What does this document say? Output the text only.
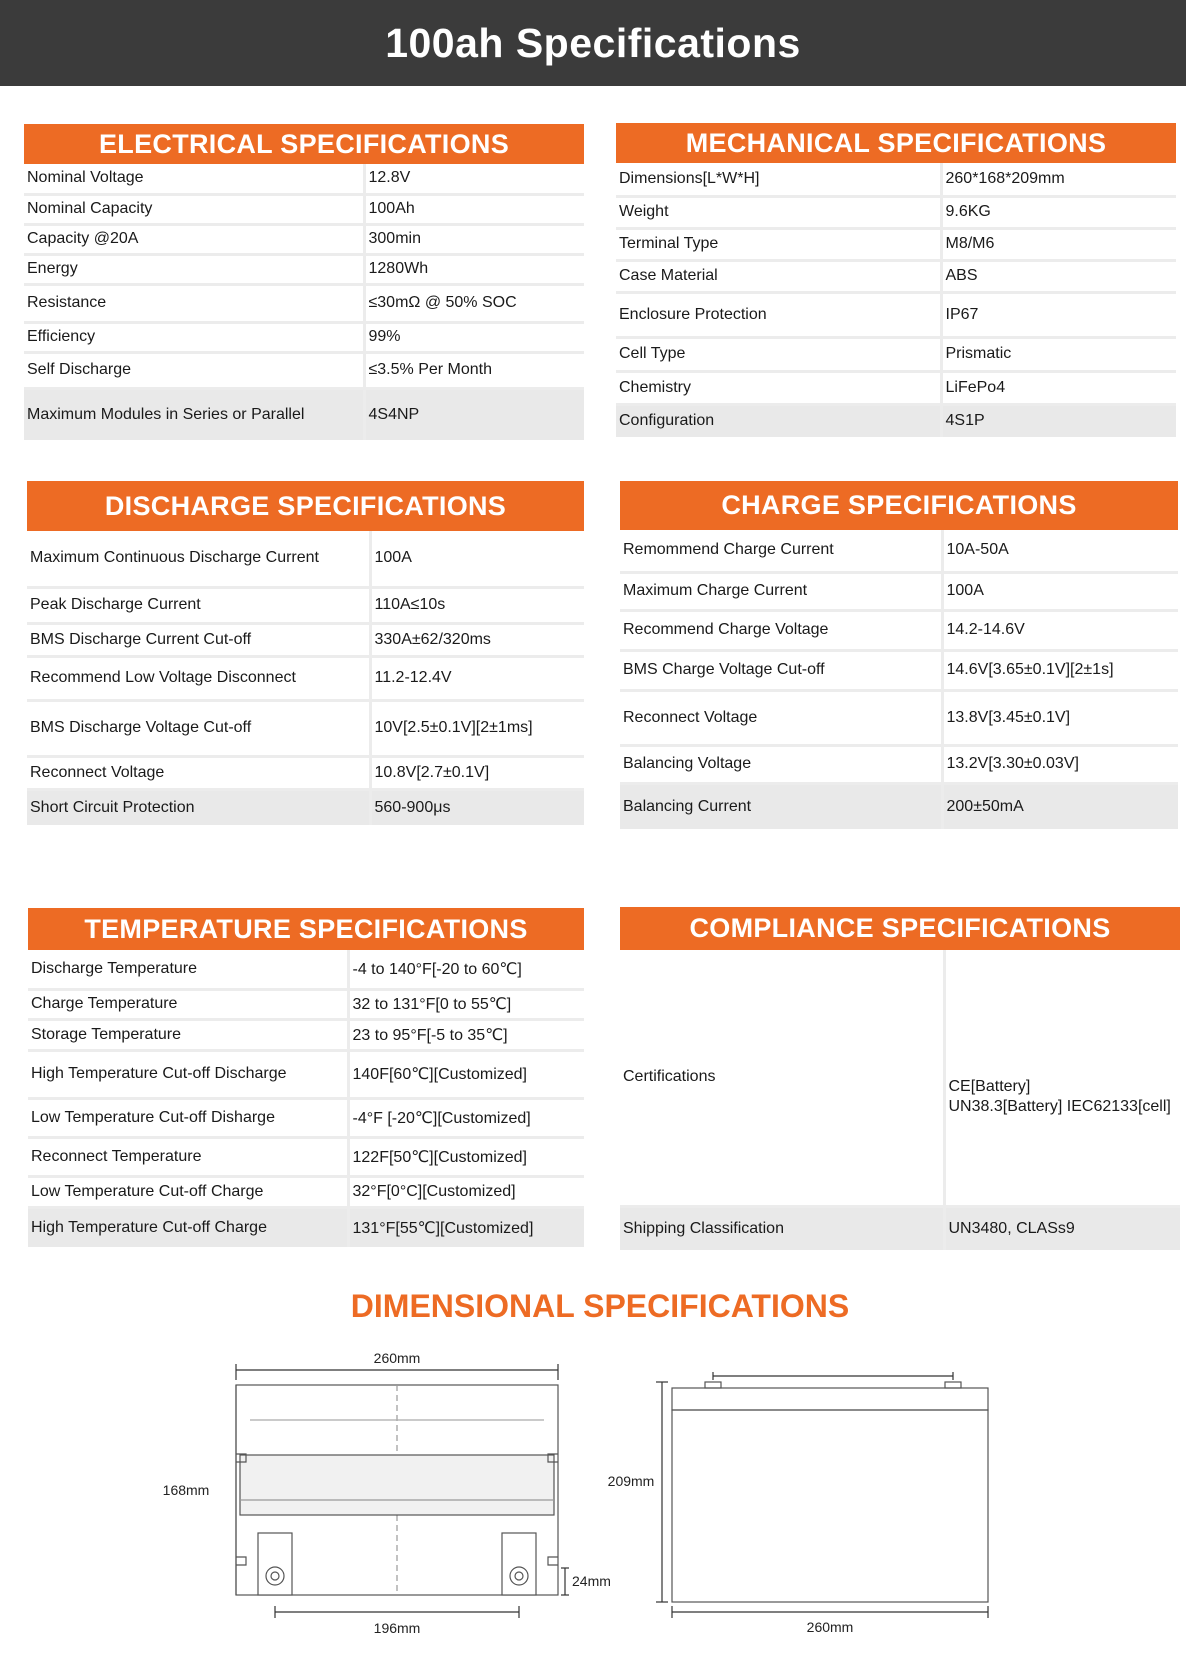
100ah Specifications
ELECTRICAL SPECIFICATIONS
Nominal Voltage	12.8V
Nominal Capacity	100Ah
Capacity @20A	300min
Energy	1280Wh
Resistance	≤30mΩ @ 50% SOC
Efficiency	99%
Self Discharge	≤3.5% Per Month
Maximum Modules in Series or Parallel	4S4NP
MECHANICAL SPECIFICATIONS
Dimensions[L*W*H]	260*168*209mm
Weight	9.6KG
Terminal Type	M8/M6
Case Material	ABS
Enclosure Protection	IP67
Cell Type	Prismatic
Chemistry	LiFePo4
Configuration	4S1P
DISCHARGE SPECIFICATIONS
Maximum Continuous Discharge Current	100A
Peak Discharge Current	110A≤10s
BMS Discharge Current Cut-off	330A±62/320ms
Recommend Low Voltage Disconnect	11.2-12.4V
BMS Discharge Voltage Cut-off	10V[2.5±0.1V][2±1ms]
Reconnect Voltage	10.8V[2.7±0.1V]
Short Circuit Protection	560-900μs
CHARGE SPECIFICATIONS
Remommend Charge Current	10A-50A
Maximum Charge Current	100A
Recommend Charge Voltage	14.2-14.6V
BMS Charge Voltage Cut-off	14.6V[3.65±0.1V][2±1s]
Reconnect Voltage	13.8V[3.45±0.1V]
Balancing Voltage	13.2V[3.30±0.03V]
Balancing Current	200±50mA
TEMPERATURE SPECIFICATIONS
Discharge Temperature	-4 to 140°F[-20 to 60℃]
Charge Temperature	32 to 131°F[0 to 55℃]
Storage Temperature	23 to 95°F[-5 to 35℃]
High Temperature Cut-off Discharge	140F[60℃][Customized]
Low Temperature Cut-off Disharge	-4°F [-20℃][Customized]
Reconnect Temperature	122F[50℃][Customized]
Low Temperature Cut-off Charge	32°F[0°C][Customized]
High Temperature Cut-off Charge	131°F[55℃][Customized]
COMPLIANCE SPECIFICATIONS
Certifications	CE[Battery]
UN38.3[Battery] IEC62133[cell]

Shipping Classification	UN3480, CLASs9
DIMENSIONAL SPECIFICATIONS
260mm
168mm
196mm
24mm
209mm
260mm
